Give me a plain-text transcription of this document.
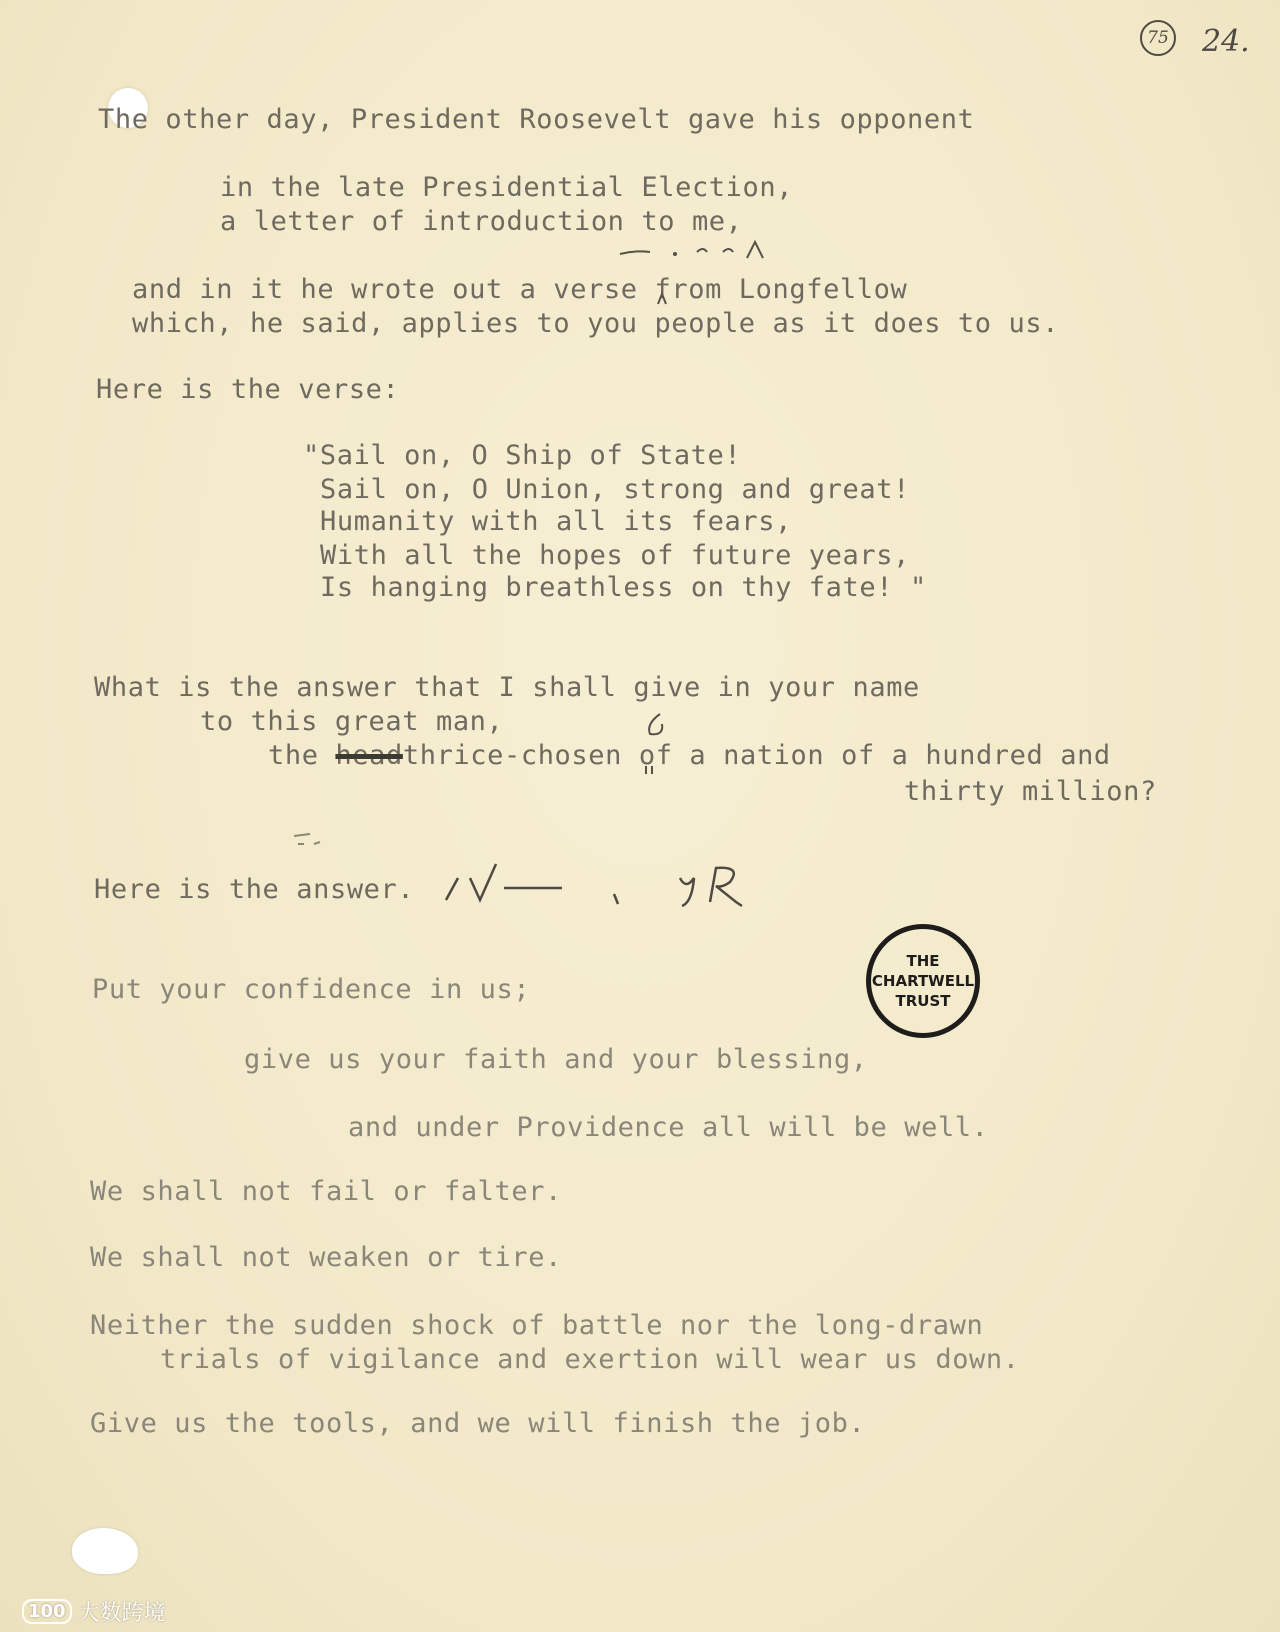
75 24.
The other day, President Roosevelt gave his opponent
in the late Presidential Election,
a letter of introduction to me,
and in it he wrote out a verse from Longfellow
which, he said, applies to you people as it does to us.
Here is the verse:
"Sail on, O Ship of State!
Sail on, O Union, strong and great!
Humanity with all its fears,
With all the hopes of future years,
Is hanging breathless on thy fate! "
What is the answer that I shall give in your name
to this great man,
the headthrice-chosen of a nation of a hundred and
thirty million?
Here is the answer.
THE
CHARTWELL
TRUST
Put your confidence in us;
give us your faith and your blessing,
and under Providence all will be well.
We shall not fail or falter.
We shall not weaken or tire.
Neither the sudden shock of battle nor the long-drawn
trials of vigilance and exertion will wear us down.
Give us the tools, and we will finish the job.
100 大数跨境
